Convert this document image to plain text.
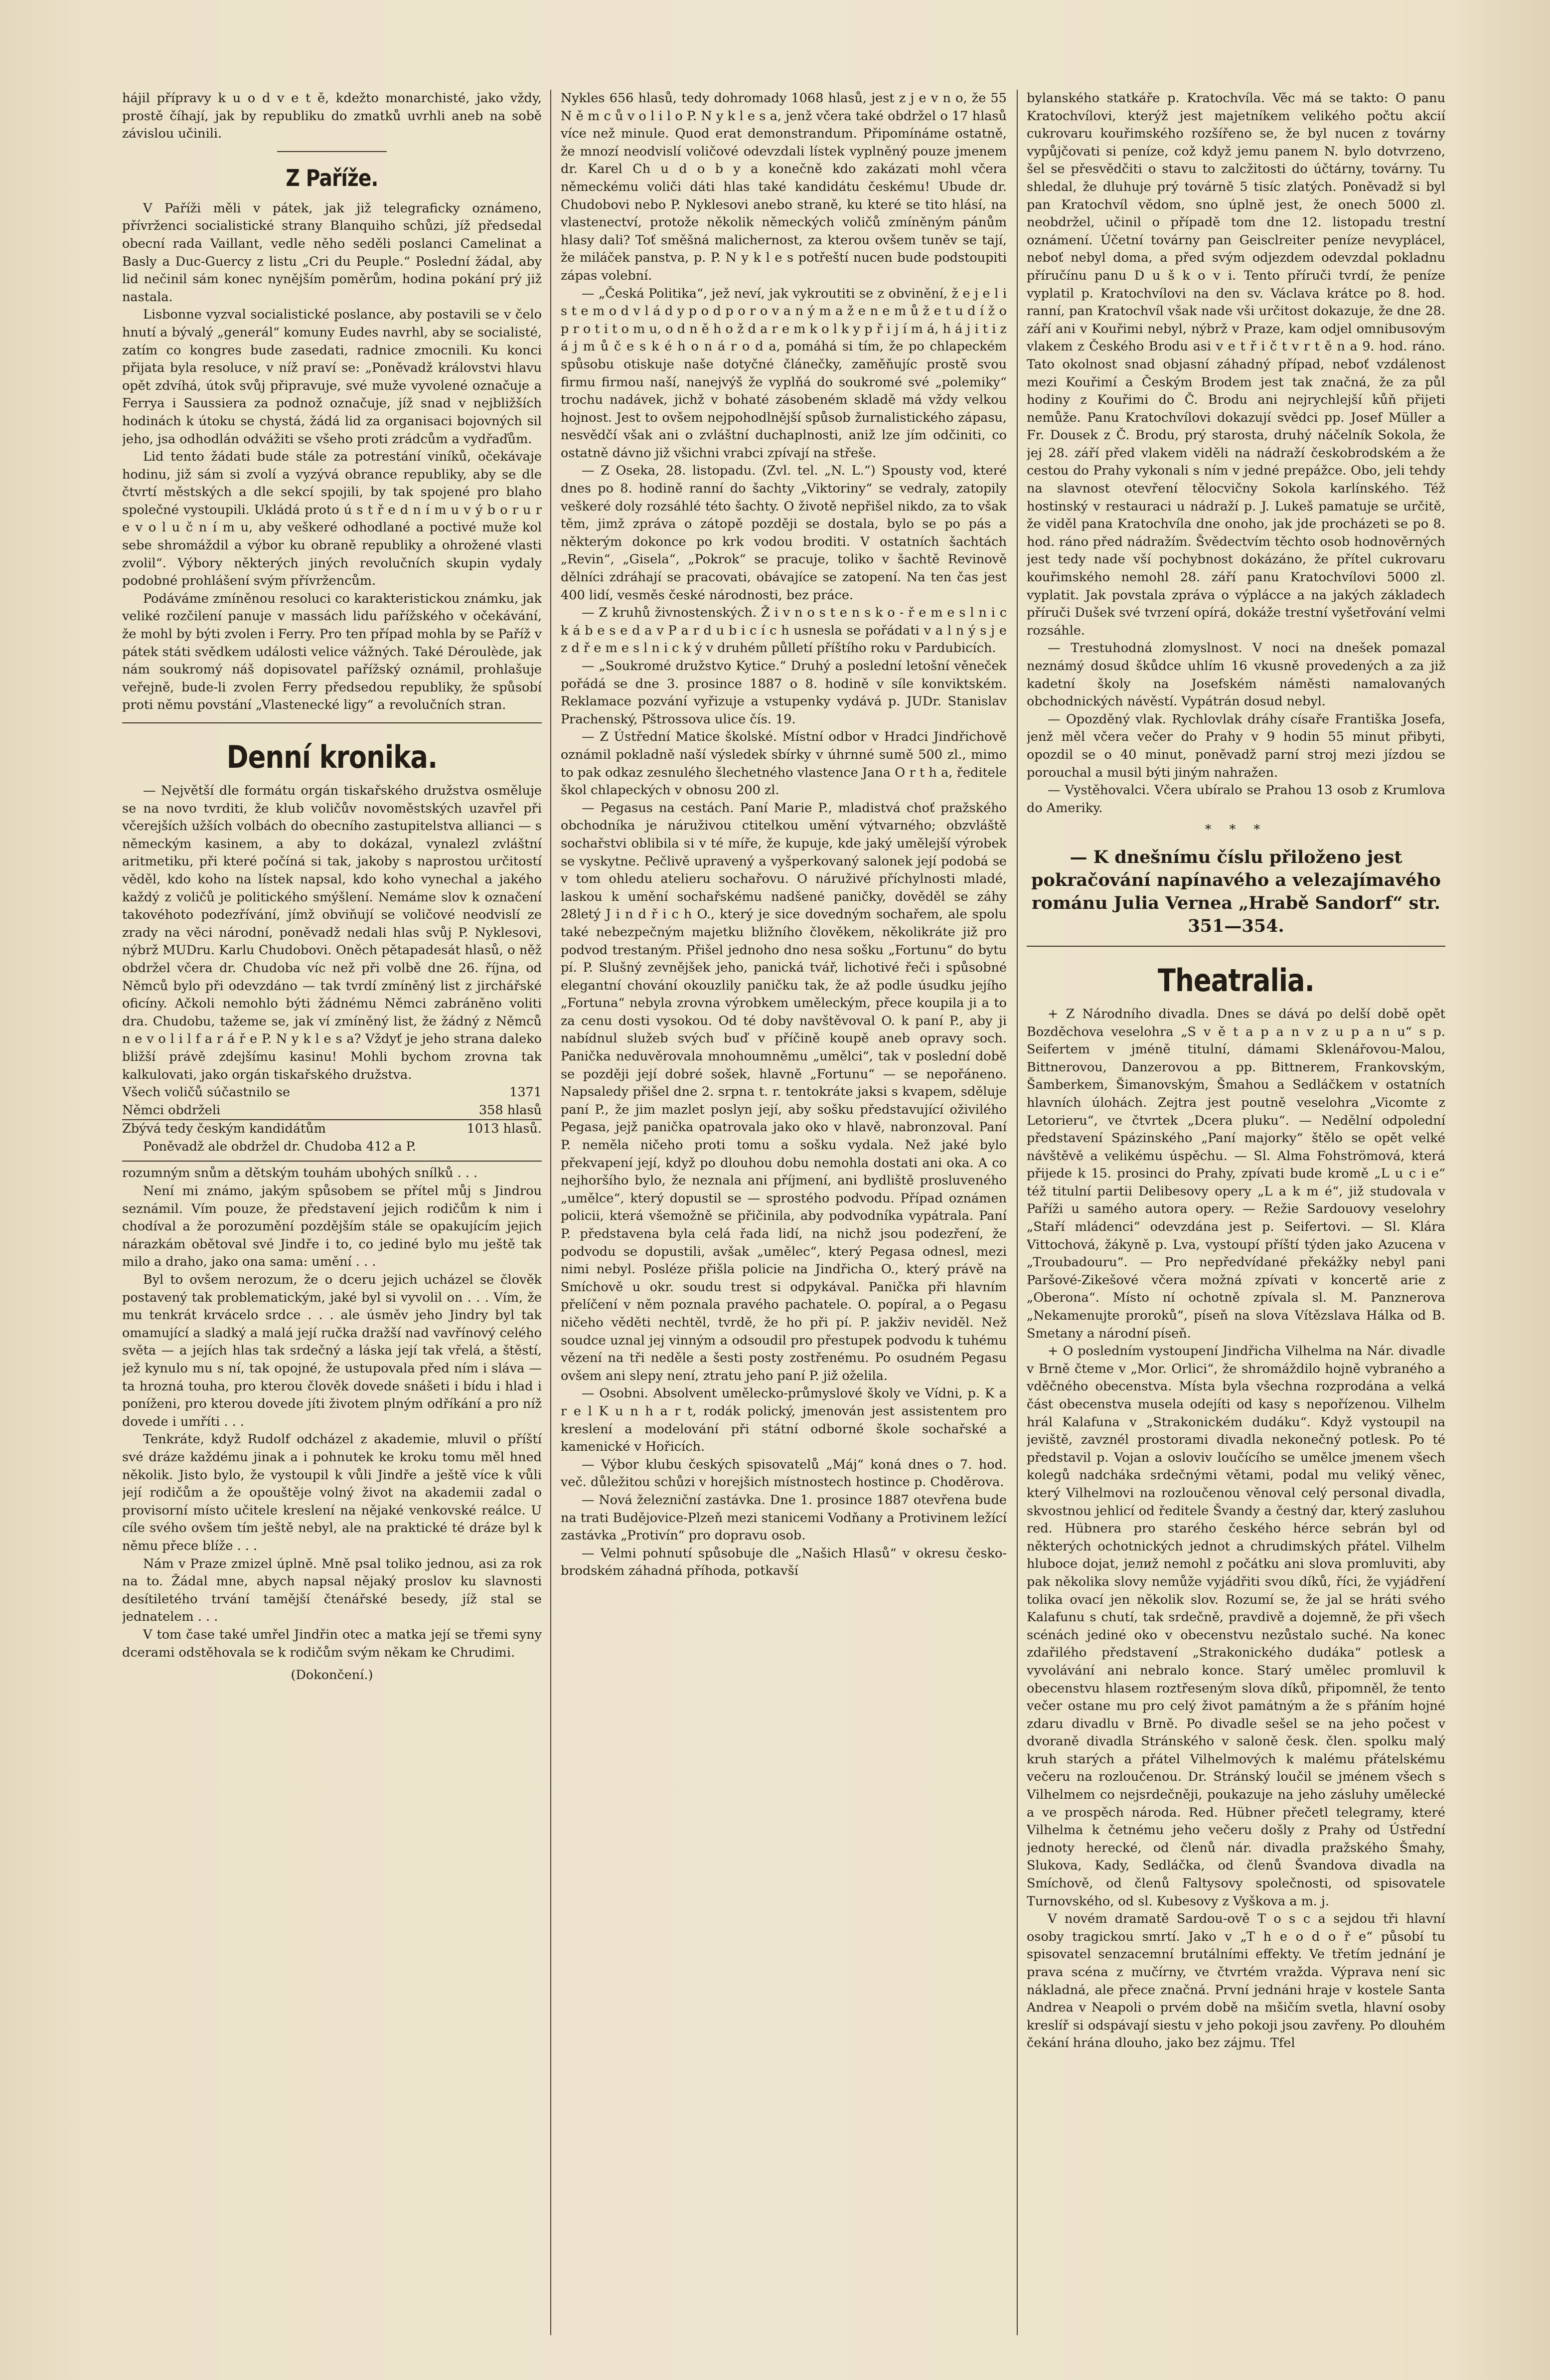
hájil přípravy k u o d v e t ě, kdežto monarchisté, jako vždy, prostě číhají, jak by republiku do zmatků uvrhli aneb na sobě závislou učinili.

Z Paříže.

V Paříži měli v pátek, jak již telegraficky oznámeno, přívrženci socialistické strany Blanquiho schůzi, jíž předsedal obecní rada Vaillant, vedle něho seděli poslanci Camelinat a Basly a Duc-Guercy z listu „Cri du Peuple.“ Poslední žádal, aby lid nečinil sám konec nynějším poměrům, hodina pokání prý již nastala.

Lisbonne vyzval socialistické poslance, aby postavili se v čelo hnutí a bývalý „generál“ komuny Eudes navrhl, aby se socialisté, zatím co kongres bude zasedati, radnice zmocnili. Ku konci přijata byla resoluce, v níž praví se: „Poněvadž královstvi hlavu opět zdvíhá, útok svůj připravuje, své muže vyvolené označuje a Ferrya i Saussiera za podnož označuje, jíž snad v nejbližších hodinách k útoku se chystá, žádá lid za organisaci bojovných sil jeho, jsa odhodlán odvážiti se všeho proti zrádcům a vydřaďům.

Lid tento žádati bude stále za potrestání viníků, očekávaje hodinu, již sám si zvolí a vyzývá obrance republiky, aby se dle čtvrtí městských a dle sekcí spojili, by tak spojené pro blaho společné vystoupili. Ukládá proto ú s t ř e d n í m u v ý b o r u r e v o l u č n í m u, aby veškeré odhodlané a poctivé muže kol sebe shromáždil a výbor ku obraně republiky a ohrožené vlasti zvolil“. Výbory některých jiných revolučních skupin vydaly podobné prohlášení svým přívržencům.

Podáváme zmíněnou resoluci co karakteristickou známku, jak veliké rozčilení panuje v massách lidu pařížského v očekávání, že mohl by býti zvolen i Ferry. Pro ten případ mohla by se Paříž v pátek státi svědkem události velice vážných. Také Déroulède, jak nám soukromý náš dopisovatel pařížský oznámil, prohlašuje veřejně, bude-li zvolen Ferry předsedou republiky, že spůsobí proti němu povstání „Vlastenecké ligy“ a revolučních stran.

Denní kronika.

— Největší dle formátu orgán tiskařského družstva osměluje se na novo tvrditi, že klub voličův novoměstských uzavřel při včerejších užších volbách do obecního zastupitelstva allianci — s německým kasinem, a aby to dokázal, vynalezl zvláštní aritmetiku, při které počíná si tak, jakoby s naprostou určitostí věděl, kdo koho na lístek napsal, kdo koho vynechal a jakého každý z voličů je politického smýšlení. Nemáme slov k označení takovéhoto podezřívání, jímž obviňují se voličové neodvislí ze zrady na věci národní, poněvadž nedali hlas svůj P. Nyklesovi, nýbrž MUDru. Karlu Chudobovi. Oněch pětapadesát hlasů, o něž obdržel včera dr. Chudoba víc než při volbě dne 26. října, od Němců bylo při odevzdáno — tak tvrdí zmíněný list z jirchářské oficíny. Ačkoli nemohlo býti žádnému Němci zabráněno voliti dra. Chudobu, tažeme se, jak ví zmíněný list, že žádný z Němců n e v o l i l f a r á ř e P. N y k l e s a? Vždyť je jeho strana daleko bližší právě zdejšímu kasinu! Mohli bychom zrovna tak kalkulovati, jako orgán tiskařského družstva.

Všech voličů súčastnilo se	1371
Němci obdrželi	358 hlasů
Zbývá tedy českým kandidátům	1013 hlasů.

Poněvadž ale obdržel dr. Chudoba 412 a P.

rozumným snům a dětským touhám ubohých snílků . . .

Není mi známo, jakým spůsobem se přítel můj s Jindrou seznámil. Vím pouze, že představení jejich rodičům k nim i chodíval a že porozumění pozdějším stále se opakujícím jejich nárazkám obětoval své Jindře i to, co jediné bylo mu ještě tak milo a draho, jako ona sama: umění . . .

Byl to ovšem nerozum, že o dceru jejich ucházel se člověk postavený tak problematickým, jaké byl si vyvolil on . . . Vím, že mu tenkrát krvácelo srdce . . . ale úsměv jeho Jindry byl tak omamující a sladký a malá její ručka dražší nad vavřínový celého světa — a jejích hlas tak srdečný a láska její tak vřelá, a štěstí, jež kynulo mu s ní, tak opojné, že ustupovala před ním i sláva — ta hrozná touha, pro kterou člověk dovede snášeti i bídu i hlad i poníženi, pro kterou dovede jíti životem plným odříkání a pro níž dovede i umříti . . .

Tenkráte, když Rudolf odcházel z akademie, mluvil o příští své dráze každému jinak a i pohnutek ke kroku tomu měl hned několik. Jisto bylo, že vystoupil k vůli Jindře a ještě více k vůli její rodičům a že opouštěje volný život na akademii zadal o provisorní místo učitele kreslení na nějaké venkovské reálce. U cíle svého ovšem tím ještě nebyl, ale na praktické té dráze byl k němu přece blíže . . .

Nám v Praze zmizel úplně. Mně psal toliko jednou, asi za rok na to. Žádal mne, abych napsal nějaký proslov ku slavnosti desítiletého trvání tamější čtenářské besedy, jíž stal se jednatelem . . .

V tom čase také umřel Jindřin otec a matka její se třemi syny dcerami odstěhovala se k rodičům svým někam ke Chrudimi.

(Dokončení.)

Nykles 656 hlasů, tedy dohromady 1068 hlasů, jest z j e v n o, že 55 N ě m c ů v o l i l o P. N y k l e s a, jenž včera také obdržel o 17 hlasů více než minule. Quod erat demonstrandum. Připomínáme ostatně, že mnozí neodvislí voličové odevzdali lístek vyplněný pouze jmenem dr. Karel Ch u d o b y a konečně kdo zakázati mohl včera německému voliči dáti hlas také kandidátu českému! Ubude dr. Chudobovi nebo P. Nyklesovi anebo straně, ku které se tito hlásí, na vlastenectví, protože několik německých voličů zmíněným pánům hlasy dali? Toť směšná malichernost, za kterou ovšem tuněv se tají, že miláček panstva, p. P. N y k l e s potřeští nucen bude podstoupiti zápas volební.

— „Česká Politika“, jež neví, jak vykroutiti se z obvinění, ž e j e l i s t e m o d v l á d y p o d p o r o v a n ý m a ž e n e m ů ž e t u d í ž o p r o t i t o m u, o d n ě h o ž d a r e m k o l k y p ř i j í m á, h á j i t i z á j m ů č e s k é h o n á r o d a, pomáhá si tím, že po chlapeckém spůsobu otiskuje naše dotyčné článečky, zaměňujíc prostě svou firmu firmou naší, nanejvýš že vyplňá do soukromé své „polemiky“ trochu nadávek, jichž v bohaté zásobeném skladě má vždy velkou hojnost. Jest to ovšem nejpohodlnější spůsob žurnalistického zápasu, nesvědčí však ani o zvláštní duchaplnosti, aniž lze jím odčiniti, co ostatně dávno již všichni vrabci zpívají na střeše.

— Z Oseka, 28. listopadu. (Zvl. tel. „N. L.“) Spousty vod, které dnes po 8. hodině ranní do šachty „Viktoriny“ se vedraly, zatopily veškeré doly rozsáhlé této šachty. O životě nepřišel nikdo, za to však těm, jimž zpráva o zátopě později se dostala, bylo se po pás a některým dokonce po krk vodou broditi. V ostatních šachtách „Revin“, „Gisela“, „Pokrok“ se pracuje, toliko v šachtě Revinově dělníci zdráhají se pracovati, obávajíce se zatopení. Na ten čas jest 400 lidí, vesměs české národnosti, bez práce.

— Z kruhů živnostenských. Ž i v n o s t e n s k o - ř e m e s l n i c k á b e s e d a v P a r d u b i c í c h usnesla se pořádati v a l n ý s j e z d ř e m e s l n i c k ý v druhém půlletí příštího roku v Pardubicích.

— „Soukromé družstvo Kytice.“ Druhý a poslední letošní věneček pořádá se dne 3. prosince 1887 o 8. hodině v síle konviktském. Reklamace pozvání vyřizuje a vstupenky vydává p. JUDr. Stanislav Prachenský, Pštrossova ulice čís. 19.

— Z Ústřední Matice školské. Místní odbor v Hradci Jindřichově oznámil pokladně naší výsledek sbírky v úhrnné sumě 500 zl., mimo to pak odkaz zesnulého šlechetného vlastence Jana O r t h a, ředitele škol chlapeckých v obnosu 200 zl.

— Pegasus na cestách. Paní Marie P., mladistvá choť pražského obchodníka je náruživou ctitelkou umění výtvarného; obzvláště sochařstvi oblibila si v té míře, že kupuje, kde jaký umělejší výrobek se vyskytne. Pečlivě upravený a vyšperkovaný salonek její podobá se v tom ohledu atelieru sochařovu. O náruživé příchylnosti mladé, laskou k umění sochařskému nadšené paničky, dověděl se záhy 28letý J i n d ř i c h O., který je sice dovedným sochařem, ale spolu také nebezpečným majetku bližního člověkem, několikráte již pro podvod trestaným. Přišel jednoho dno nesa sošku „Fortunu“ do bytu pí. P. Slušný zevnějšek jeho, panická tvář, lichotivé řeči i spůsobné elegantní chování okouzlily paničku tak, že až podle úsudku jejího „Fortuna“ nebyla zrovna výrobkem uměleckým, přece koupila ji a to za cenu dosti vysokou. Od té doby navštěvoval O. k paní P., aby ji nabídnul služeb svých buď v příčině koupě aneb opravy soch. Panička neduvěrovala mnohoumněmu „umělci“, tak v poslední době se později její dobré sošek, hlavně „Fortunu“ — se nepořáneno. Napsaledy přišel dne 2. srpna t. r. tentokráte jaksi s kvapem, sděluje paní P., že jim mazlet poslyn její, aby sošku představující oživilého Pegasa, jejž panička opatrovala jako oko v hlavě, nabronzoval. Paní P. neměla ničeho proti tomu a sošku vydala. Než jaké bylo překvapení její, když po dlouhou dobu nemohla dostati ani oka. A co nejhoršího bylo, že neznala ani příjmení, ani bydliště prosluveného „umělce“, který dopustil se — sprostého podvodu. Případ oznámen policii, která všemožně se přičinila, aby podvodníka vypátrala. Paní P. představena byla celá řada lidí, na nichž jsou podezření, že podvodu se dopustili, avšak „umělec“, který Pegasa odnesl, mezi nimi nebyl. Posléze přišla policie na Jindřicha O., který právě na Smíchově u okr. soudu trest si odpykával. Panička při hlavním přelíčení v něm poznala pravého pachatele. O. popíral, a o Pegasu ničeho věděti nechtěl, tvrdě, že ho při pí. P. jakživ neviděl. Než soudce uznal jej vinným a odsoudil pro přestupek podvodu k tuhému vězení na tři neděle a šesti posty zostřenému. Po osudném Pegasu ovšem ani slepy není, ztratu jeho paní P. již oželila.

— Osobni. Absolvent umělecko-průmyslové školy ve Vídni, p. K a r e l K u n h a r t, rodák polický, jmenován jest assistentem pro kreslení a modelování při státní odborné škole sochařské a kamenické v Hořicích.

— Výbor klubu českých spisovatelů „Máj“ koná dnes o 7. hod. več. důležitou schůzi v horejšich místnostech hostince p. Choděrova.

— Nová železniční zastávka. Dne 1. prosince 1887 otevřena bude na trati Budějovice-Plzeň mezi stanicemi Vodňany a Protivinem ležící zastávka „Protivín“ pro dopravu osob.

— Velmi pohnutí spůsobuje dle „Našich Hlasů“ v okresu česko-brodském záhadná příhoda, potkavší

bylanského statkáře p. Kratochvíla. Věc má se takto: O panu Kratochvílovi, kterýž jest majetníkem velikého počtu akcií cukrovaru kouřimského rozšířeno se, že byl nucen z továrny vypůjčovati si peníze, což když jemu panem N. bylo dotvrzeno, šel se přesvědčiti o stavu to zalcžitosti do účtárny, továrny. Tu shledal, že dluhuje prý továrně 5 tisíc zlatých. Poněvadž si byl pan Kratochvíl vědom, sno úplně jest, že onech 5000 zl. neobdržel, učinil o případě tom dne 12. listopadu trestní oznámení. Účetní továrny pan Geisclreiter peníze nevyplácel, neboť nebyl doma, a před svým odjezdem odevzdal pokladnu příručínu panu D u š k o v i. Tento příruči tvrdí, že peníze vyplatil p. Kratochvílovi na den sv. Václava krátce po 8. hod. ranní, pan Kratochvíl však nade vši určitost dokazuje, že dne 28. září ani v Kouřimi nebyl, nýbrž v Praze, kam odjel omnibusovým vlakem z Českého Brodu asi v e t ř i č t v r t ě n a 9. hod. ráno. Tato okolnost snad objasní záhadný případ, neboť vzdálenost mezi Kouřimí a Českým Brodem jest tak značná, že za půl hodiny z Kouřimi do Č. Brodu ani nejrychlejší kůň přijeti nemůže. Panu Kratochvílovi dokazují svědci pp. Josef Müller a Fr. Dousek z Č. Brodu, prý starosta, druhý náčelník Sokola, že jej 28. září před vlakem viděli na nádraží českobrodském a že cestou do Prahy vykonali s ním v jedné prepážce. Obo, jeli tehdy na slavnost otevření tělocvičny Sokola karlínského. Též hostinský v restauraci u nádraží p. J. Lukeš pamatuje se určitě, že viděl pana Kratochvíla dne onoho, jak jde procházeti se po 8. hod. ráno před nádražím. Švědectvím těchto osob hodnověrných jest tedy nade vší pochybnost dokázáno, že přítel cukrovaru kouřimského nemohl 28. září panu Kratochvílovi 5000 zl. vyplatit. Jak povstala zpráva o výplácce a na jakých základech příruči Dušek své tvrzení opírá, dokáže trestní vyšetřování velmi rozsáhle.

— Trestuhodná zlomyslnost. V noci na dnešek pomazal neznámý dosud škůdce uhlím 16 vkusně provedených a za již kadetní školy na Josefském náměsti namalovaných obchodnických návěstí. Vypátrán dosud nebyl.

— Opozděný vlak. Rychlovlak dráhy císaře Františka Josefa, jenž měl včera večer do Prahy v 9 hodin 55 minut přibyti, opozdil se o 40 minut, poněvadž parní stroj mezi jízdou se porouchal a musil býti jiným nahražen.

— Vystěhovalci. Včera ubíralo se Prahou 13 osob z Krumlova do Ameriky.

* * *
— K dnešnímu číslu přiloženo jest pokračování napínavého a velezajímavého románu Julia Vernea „Hrabě Sandorf“ str. 351—354.
Theatralia.

+ Z Národního divadla. Dnes se dává po delší době opět Bozděchova veselohra „S v ě t a p a n v z u p a n u“ s p. Seifertem v jméně titulní, dámami Sklenářovou-Malou, Bittnerovou, Danzerovou a pp. Bittnerem, Frankovským, Šamberkem, Šimanovským, Šmahou a Sedláčkem v ostatních hlavních úlohách. Zejtra jest poutně veselohra „Vicomte z Letorieru“, ve čtvrtek „Dcera pluku“. — Nedělní odpolední představení Spázinského „Paní majorky“ štělo se opět velké návštěvě a velikému úspěchu. — Sl. Alma Fohströmová, která přijede k 15. prosinci do Prahy, zpívati bude kromě „L u c i e“ též titulní partii Delibesovy opery „L a k m é“, již studovala v Paříži u samého autora opery. — Režie Sardouovy veselohry „Staří mládenci“ odevzdána jest p. Seifertovi. — Sl. Klára Vittochová, žákyně p. Lva, vystoupí příští týden jako Azucena v „Troubadouru“. — Pro nepředvídané překážky nebyl pani Paršové-Zikešové včera možná zpívati v koncertě ariе z „Oberona“. Místo ní ochotně zpívala sl. M. Panznerova „Nekamenujte proroků“, píseň na slova Vítězslava Hálka od B. Smetany a národní píseň.

+ O posledním vystoupení Jindřicha Vilhelma na Nár. divadle v Brně čteme v „Mor. Orlici“, že shromáždilo hojně vybraného a vděčného obecenstva. Místa byla všechna rozprodána a velká část obecenstva musela odejíti od kasy s nepořízenou. Vilhelm hrál Kalafuna v „Strakonickém dudáku“. Když vystoupil na jeviště, zavznél prostorami divadla nekonečný potlesk. Po té představil p. Vojan a osloviv loučícího se umělce jmenem všech kolegů nadcháka srdečnými větami, podal mu veliký věnec, který Vilhelmovi na rozloučenou věnoval celý personal divadla, skvostnou jehlicí od ředitele Švandy a čestný dar, který zasluhou red. Hübnera pro staréhо českého hérce sebrán byl od některých ochotnických jednot a chrudimských přátel. Vilhelm hluboce dojat, jeлиž nemohl z počátku ani slova promluviti, aby pak několika slovy nemůže vyjádřiti svou díků, říci, že vyjádření tolika ovací jen několik slov. Rozumí se, že jal se hráti svého Kalafunu s chutí, tak srdečně, pravdivě a dojemně, že při všech scénách jediné oko v obecenstvu nezůstalo suché. Na konec zdařilého představení „Strakonického dudáka“ potlesk a vyvolávání ani nebralo konce. Starý umělec promluvil k obecenstvu hlasem roztřeseným slova díků, připomněl, že tento večer ostane mu pro celý život památným a že s přáním hojné zdaru divadlu v Brně. Po divadle sešel se na jeho počest v dvoraně divadla Stránského v saloně česk. člen. spolku malý kruh starých a přátel Vilhelmových k malému přátelskému večeru na rozloučenou. Dr. Stránský loučil se jménem všech s Vilhelmem co nejsrdečněji, poukazuje na jeho zásluhy umělecké a ve prospěch národa. Red. Hübner přečetl telegramy, které Vilhelma k četnému jeho večeru došly z Prahy od Ústřední jednoty herecké, od členů nár. divadla pražského Šmahy, Slukova, Kady, Sedláčka, od členů Švandova divadla na Smíchově, od členů Faltysovy společnosti, od spisovatele Turnovského, od sl. Kubesovy z Vyškova a m. j.

V novém dramatě Sardou-ově T o s c a sejdou tři hlavní osoby tragickou smrtí. Jako v „T h e o d o ř e“ působí tu spisovatel senzacemní brutálními effekty. Ve třetím jednání je prava scéna z mučírny, ve čtvrtém vražda. Výprava není sic nákladná, ale přece značná. První jednáni hraje v kostele Santa Andrea v Neapoli o prvém době na mšičím svetla, hlavní osoby kreslíř si odspávají siestu v jeho pokoji jsou zavřeny. Po dlouhém čekání hrána dlouho, jako bez zájmu. Tfel
